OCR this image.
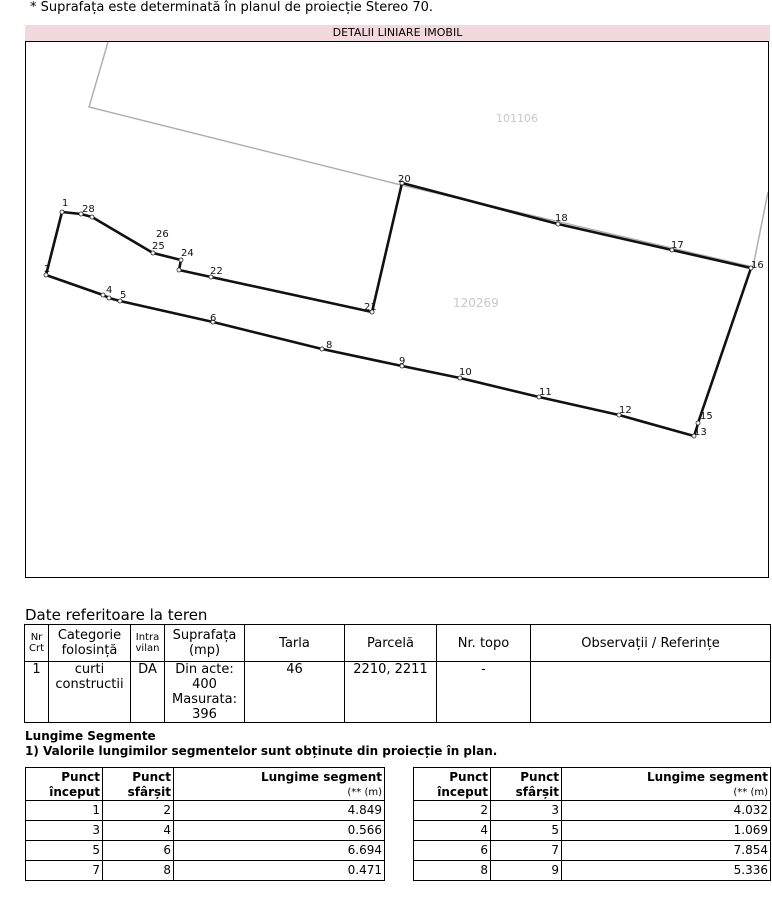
* Suprafața este determinată în planul de proiecție Stereo 70.
DETALII LINIARE IMOBIL
101106
120269
1
28
26
25
24
22
2
4 5
6
8
9
10
11
12
13
15
16
17
18
20
21
Date referitoare la teren
Nr Crt	Categorie folosință	Intra vilan	Suprafața (mp)	Tarla	Parcelă	Nr. topo	Observații / Referințe
1	curti constructii	DA	Din acte:
400
Masurata:
396	46	2210, 2211	-	
Lungime Segmente
1) Valorile lungimilor segmentelor sunt obținute din proiecție în plan.
Punct început	Punct sfârșit	Lungime segment
(** (m)

1	2	4.849
3	4	0.566
5	6	6.694
7	8	0.471
Punct început	Punct sfârșit	Lungime segment
(** (m)

2	3	4.032
4	5	1.069
6	7	7.854
8	9	5.336
